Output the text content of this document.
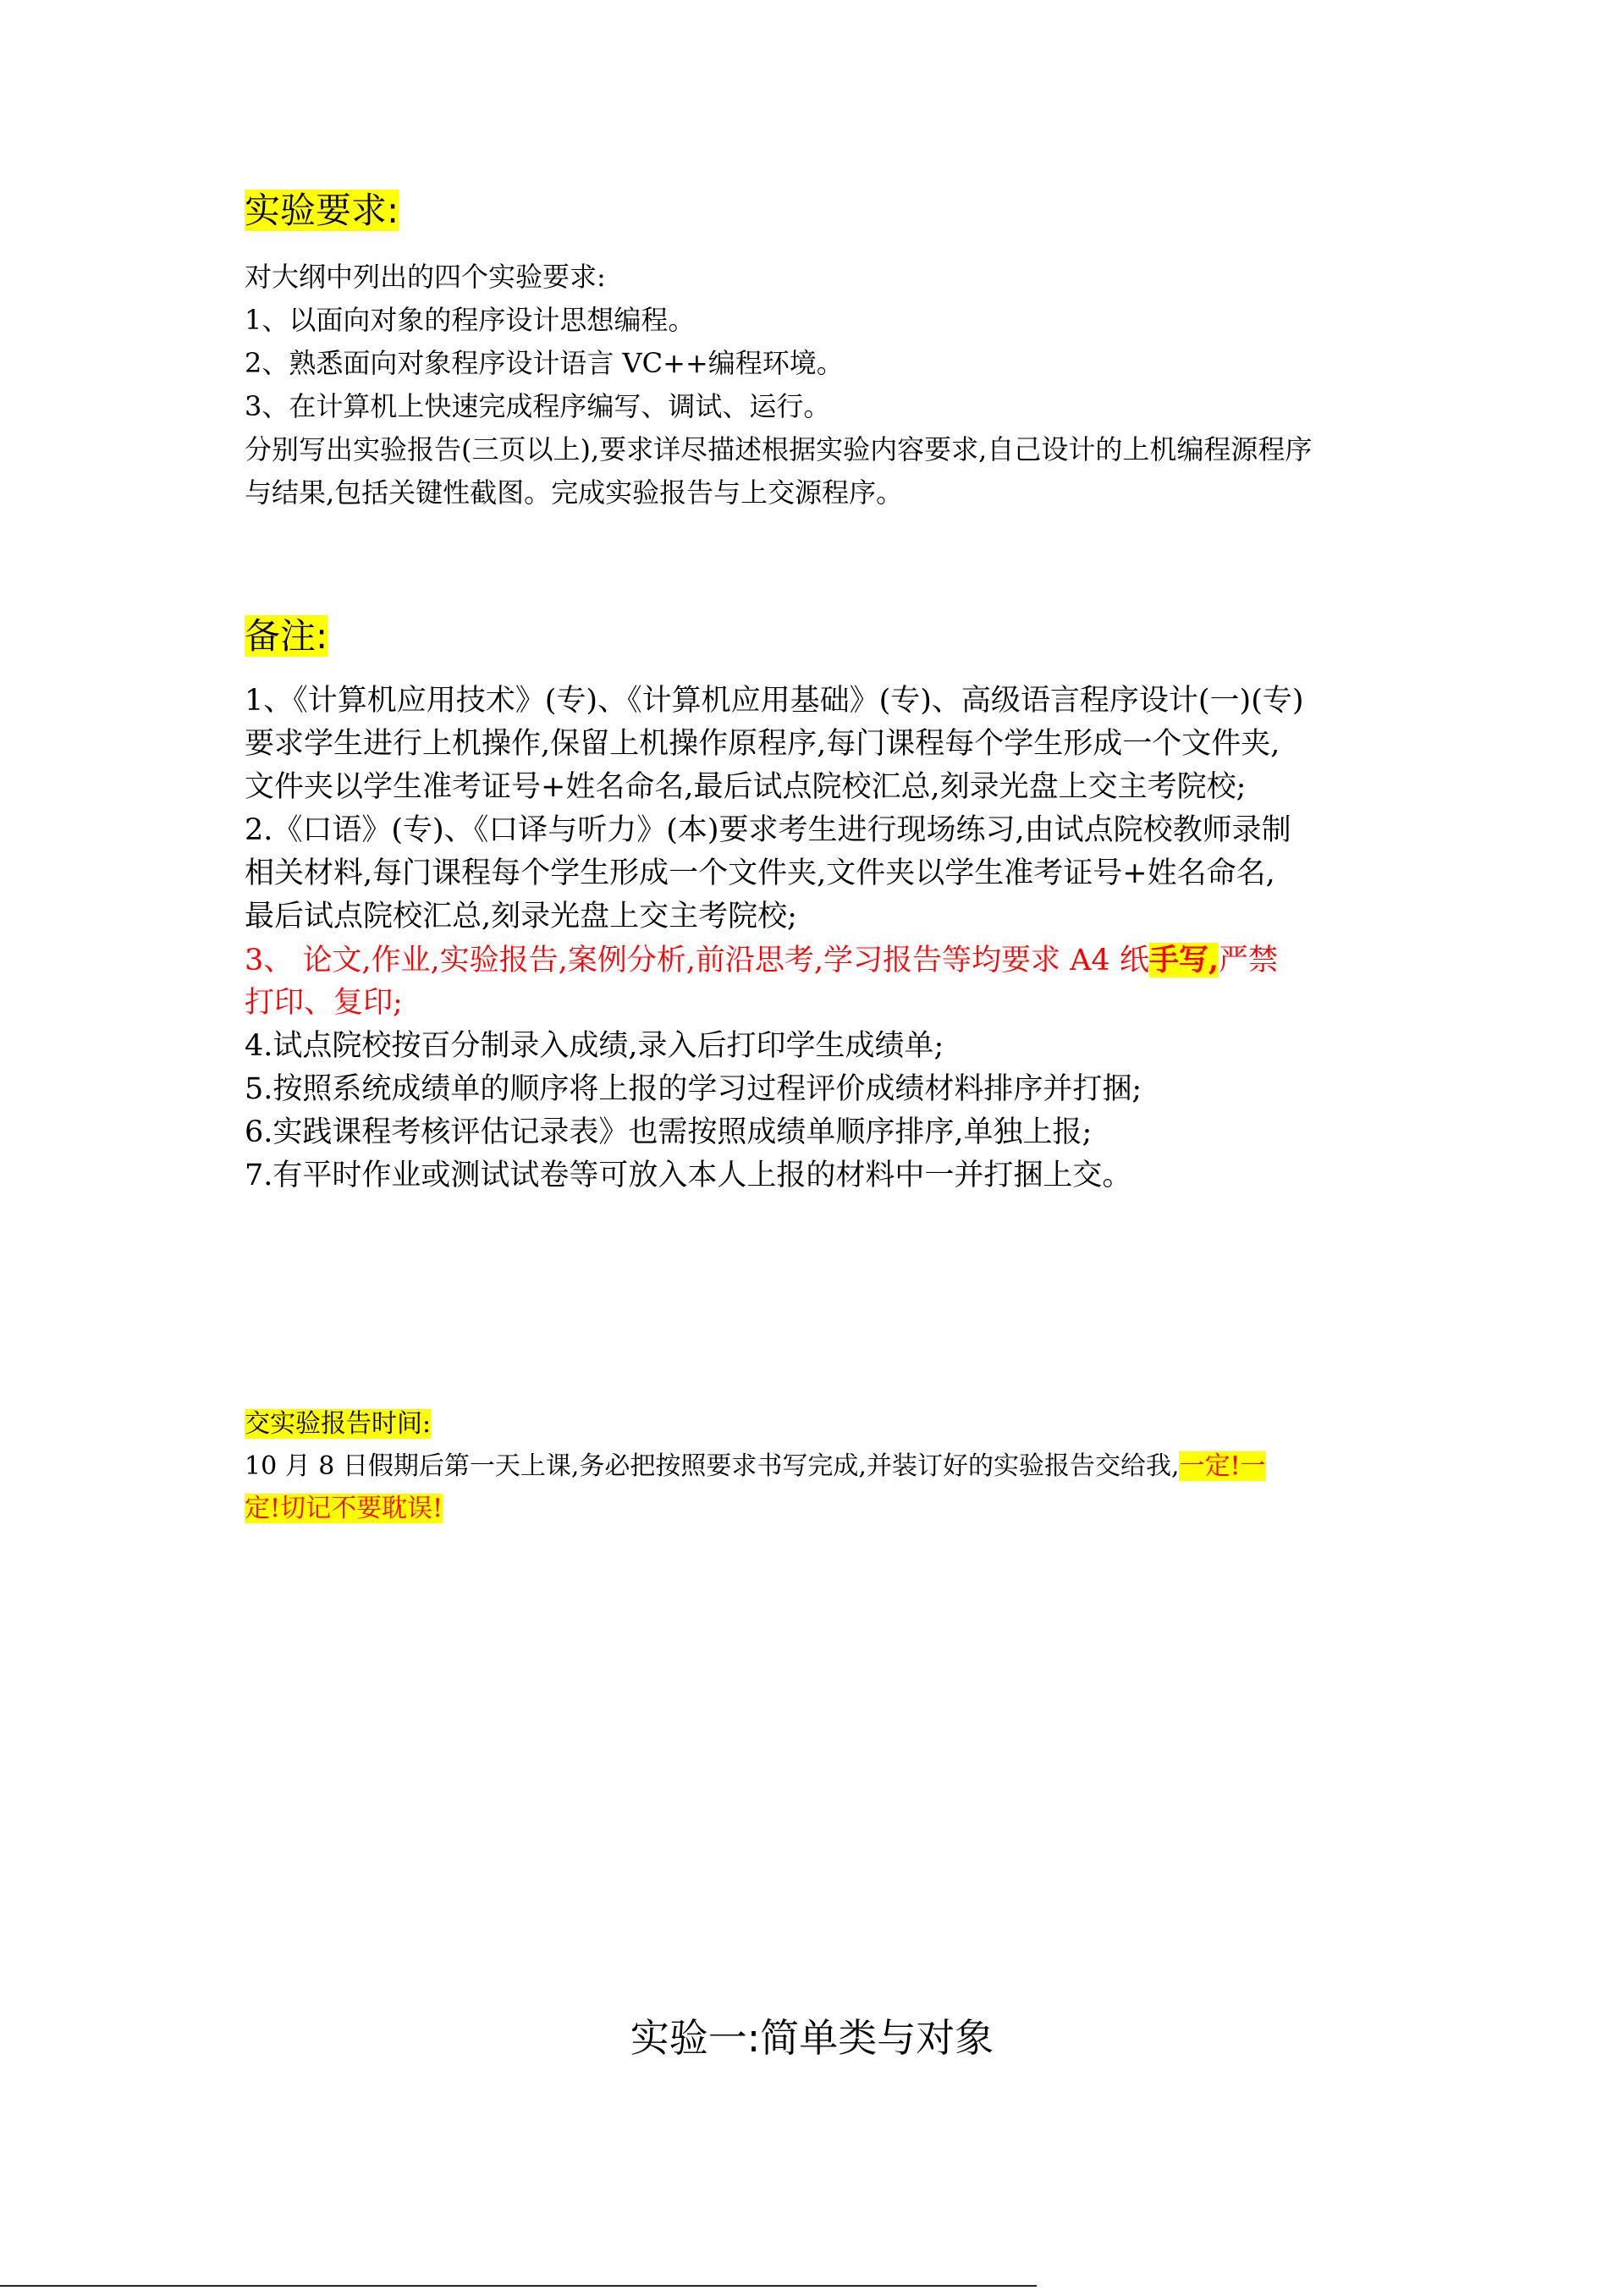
实验要求:
对大纲中列出的四个实验要求:
1、以面向对象的程序设计思想编程。
2、熟悉面向对象程序设计语言 VC++编程环境。
3、在计算机上快速完成程序编写、调试、运行。
分别写出实验报告(三页以上),要求详尽描述根据实验内容要求,自己设计的上机编程源程序
与结果,包括关键性截图。完成实验报告与上交源程序。
备注:
1、《计算机应用技术》(专)、《计算机应用基础》(专)、高级语言程序设计(一)(专)
要求学生进行上机操作,保留上机操作原程序,每门课程每个学生形成一个文件夹,
文件夹以学生准考证号+姓名命名,最后试点院校汇总,刻录光盘上交主考院校;
2.《口语》(专)、《口译与听力》(本)要求考生进行现场练习,由试点院校教师录制
相关材料,每门课程每个学生形成一个文件夹,文件夹以学生准考证号+姓名命名,
最后试点院校汇总,刻录光盘上交主考院校;
3、 论文,作业,实验报告,案例分析,前沿思考,学习报告等均要求 A4 纸手写,严禁
打印、复印;
4.试点院校按百分制录入成绩,录入后打印学生成绩单;
5.按照系统成绩单的顺序将上报的学习过程评价成绩材料排序并打捆;
6.实践课程考核评估记录表》也需按照成绩单顺序排序,单独上报;
7.有平时作业或测试试卷等可放入本人上报的材料中一并打捆上交。
交实验报告时间:
10 月 8 日假期后第一天上课,务必把按照要求书写完成,并装订好的实验报告交给我,一定!一
定!切记不要耽误!
实验一:简单类与对象
